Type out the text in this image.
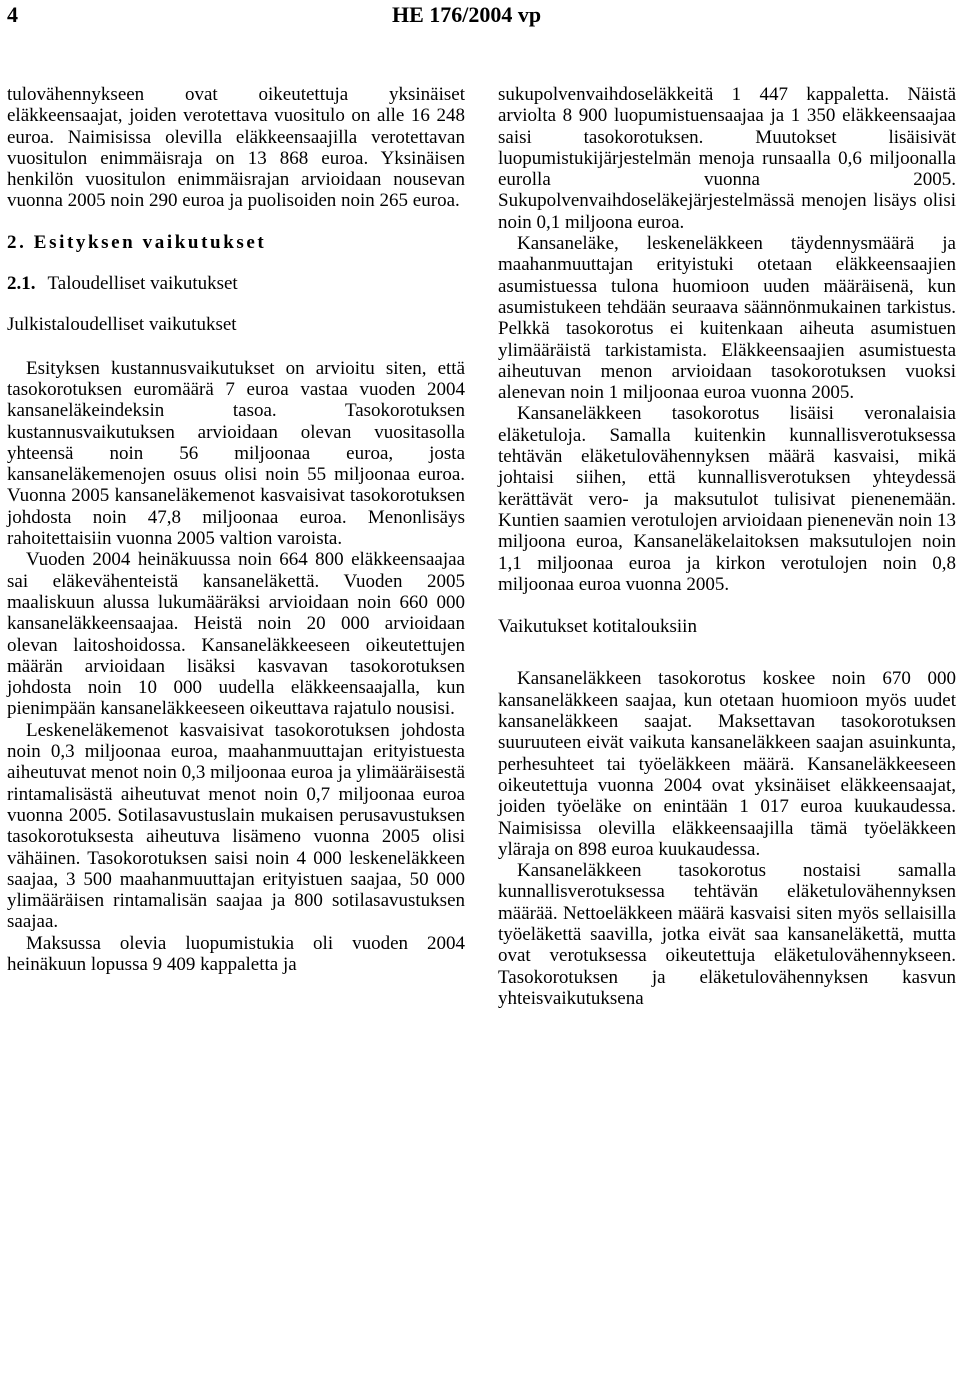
4	HE 176/2004 vp

tulovähennykseen ovat oikeutettuja yksinäiset eläkkeensaajat, joiden verotettava vuositulo on alle 16 248 euroa. Naimisissa olevilla eläkkeensaajilla verotettavan vuositulon enimmäisraja on 13 868 euroa. Yksinäisen henkilön vuositulon enimmäisrajan arvioidaan nousevan vuonna 2005 noin 290 euroa ja puolisoiden noin 265 euroa.

2. Esityksen vaikutukset
2.1. Taloudelliset vaikutukset
Julkistaloudelliset vaikutukset

Esityksen kustannusvaikutukset on arvioitu siten, että tasokorotuksen euromäärä 7 euroa vastaa vuoden 2004 kansaneläkeindeksin tasoa. Tasokorotuksen kustannusvaikutuksen arvioidaan olevan vuositasolla yhteensä noin 56 miljoonaa euroa, josta kansaneläkemenojen osuus olisi noin 55 miljoonaa euroa. Vuonna 2005 kansaneläkemenot kasvaisivat tasokorotuksen johdosta noin 47,8 miljoonaa euroa. Menonlisäys rahoitettaisiin vuonna 2005 valtion varoista.

Vuoden 2004 heinäkuussa noin 664 800 eläkkeensaajaa sai eläkevähenteistä kansaneläkettä. Vuoden 2005 maaliskuun alussa lukumääräksi arvioidaan noin 660 000 kansaneläkkeensaajaa. Heistä noin 20 000 arvioidaan olevan laitoshoidossa. Kansaneläkkeeseen oikeutettujen määrän arvioidaan lisäksi kasvavan tasokorotuksen johdosta noin 10 000 uudella eläkkeensaajalla, kun pienimpään kansaneläkkeeseen oikeuttava rajatulo nousisi.

Leskeneläkemenot kasvaisivat tasokorotuksen johdosta noin 0,3 miljoonaa euroa, maahanmuuttajan erityistuesta aiheutuvat menot noin 0,3 miljoonaa euroa ja ylimääräisestä rintamalisästä aiheutuvat menot noin 0,7 miljoonaa euroa vuonna 2005. Sotilasavustuslain mukaisen perusavustuksen tasokorotuksesta aiheutuva lisämeno vuonna 2005 olisi vähäinen. Tasokorotuksen saisi noin 4 000 leskeneläkkeen saajaa, 3 500 maahanmuuttajan erityistuen saajaa, 50 000 ylimääräisen rintamalisän saajaa ja 800 sotilasavustuksen saajaa.

Maksussa olevia luopumistukia oli vuoden 2004 heinäkuun lopussa 9 409 kappaletta ja

sukupolvenvaihdoseläkkeitä 1 447 kappaletta. Näistä arviolta 8 900 luopumistuensaajaa ja 1 350 eläkkeensaajaa saisi tasokorotuksen. Muutokset lisäisivät luopumistukijärjestelmän menoja runsaalla 0,6 miljoonalla eurolla vuonna 2005. Sukupolvenvaihdoseläkejärjestelmässä menojen lisäys olisi noin 0,1 miljoona euroa.

Kansaneläke, leskeneläkkeen täydennysmäärä ja maahanmuuttajan erityistuki otetaan eläkkeensaajien asumistuessa tulona huomioon uuden määräisenä, kun asumistukeen tehdään seuraava säännönmukainen tarkistus. Pelkkä tasokorotus ei kuitenkaan aiheuta asumistuen ylimääräistä tarkistamista. Eläkkeensaajien asumistuesta aiheutuvan menon arvioidaan tasokorotuksen vuoksi alenevan noin 1 miljoonaa euroa vuonna 2005.

Kansaneläkkeen tasokorotus lisäisi veronalaisia eläketuloja. Samalla kuitenkin kunnallisverotuksessa tehtävän eläketulovähennyksen määrä kasvaisi, mikä johtaisi siihen, että kunnallisverotuksen yhteydessä kerättävät vero- ja maksutulot tulisivat pienenemään. Kuntien saamien verotulojen arvioidaan pienenevän noin 13 miljoona euroa, Kansaneläkelaitoksen maksutulojen noin 1,1 miljoonaa euroa ja kirkon verotulojen noin 0,8 miljoonaa euroa vuonna 2005.

Vaikutukset kotitalouksiin

Kansaneläkkeen tasokorotus koskee noin 670 000 kansaneläkkeen saajaa, kun otetaan huomioon myös uudet kansaneläkkeen saajat. Maksettavan tasokorotuksen suuruuteen eivät vaikuta kansaneläkkeen saajan asuinkunta, perhesuhteet tai työeläkkeen määrä. Kansaneläkkeeseen oikeutettuja vuonna 2004 ovat yksinäiset eläkkeensaajat, joiden työeläke on enintään 1 017 euroa kuukaudessa. Naimisissa olevilla eläkkeensaajilla tämä työeläkkeen yläraja on 898 euroa kuukaudessa.

Kansaneläkkeen tasokorotus nostaisi samalla kunnallisverotuksessa tehtävän eläketulovähennyksen määrää. Nettoeläkkeen määrä kasvaisi siten myös sellaisilla työeläkettä saavilla, jotka eivät saa kansaneläkettä, mutta ovat verotuksessa oikeutettuja eläketulovähennykseen. Tasokorotuksen ja eläketulovähennyksen kasvun yhteisvaikutuksena
